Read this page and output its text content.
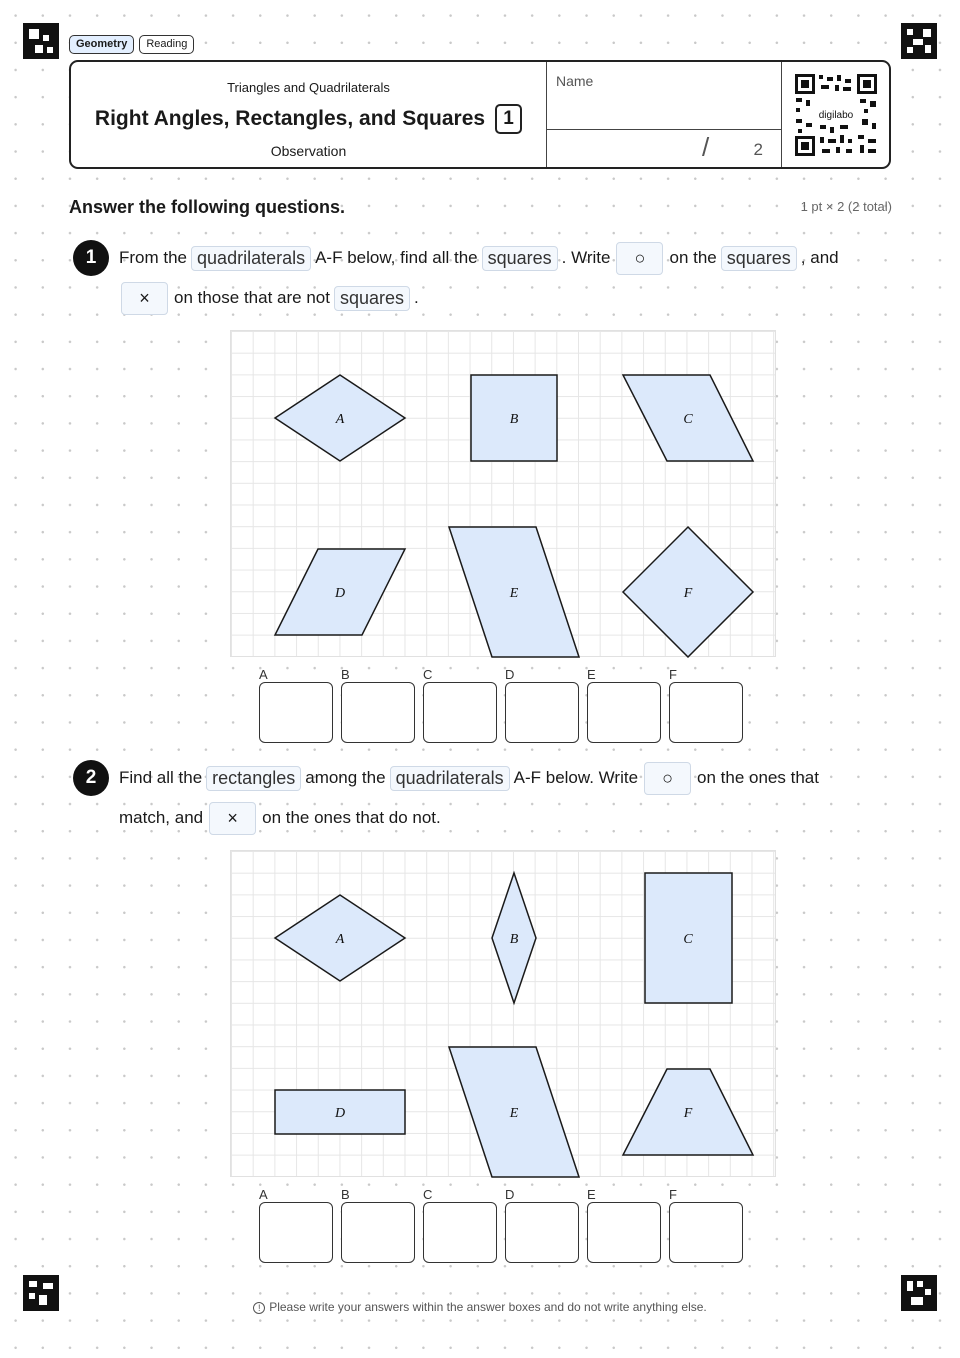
Geometry	Reading
Triangles and Quadrilaterals
Right Angles, Rectangles, and Squares 1
Observation
Name
/	2
digilabo
Answer the following questions.	1 pt × 2 (2 total)
1	From the quadrilaterals A-F below, find all the squares . Write	○	on the squares , and
×	on those that are not squares .
A	B	C
D	E	F
A	B	C	D	E	F
2	Find all the rectangles among the quadrilaterals A-F below. Write	○	on the ones that
match, and	×	on the ones that do not.
A	B	C
D	E	F
A	B	C	D	E	F
! Please write your answers within the answer boxes and do not write anything else.
